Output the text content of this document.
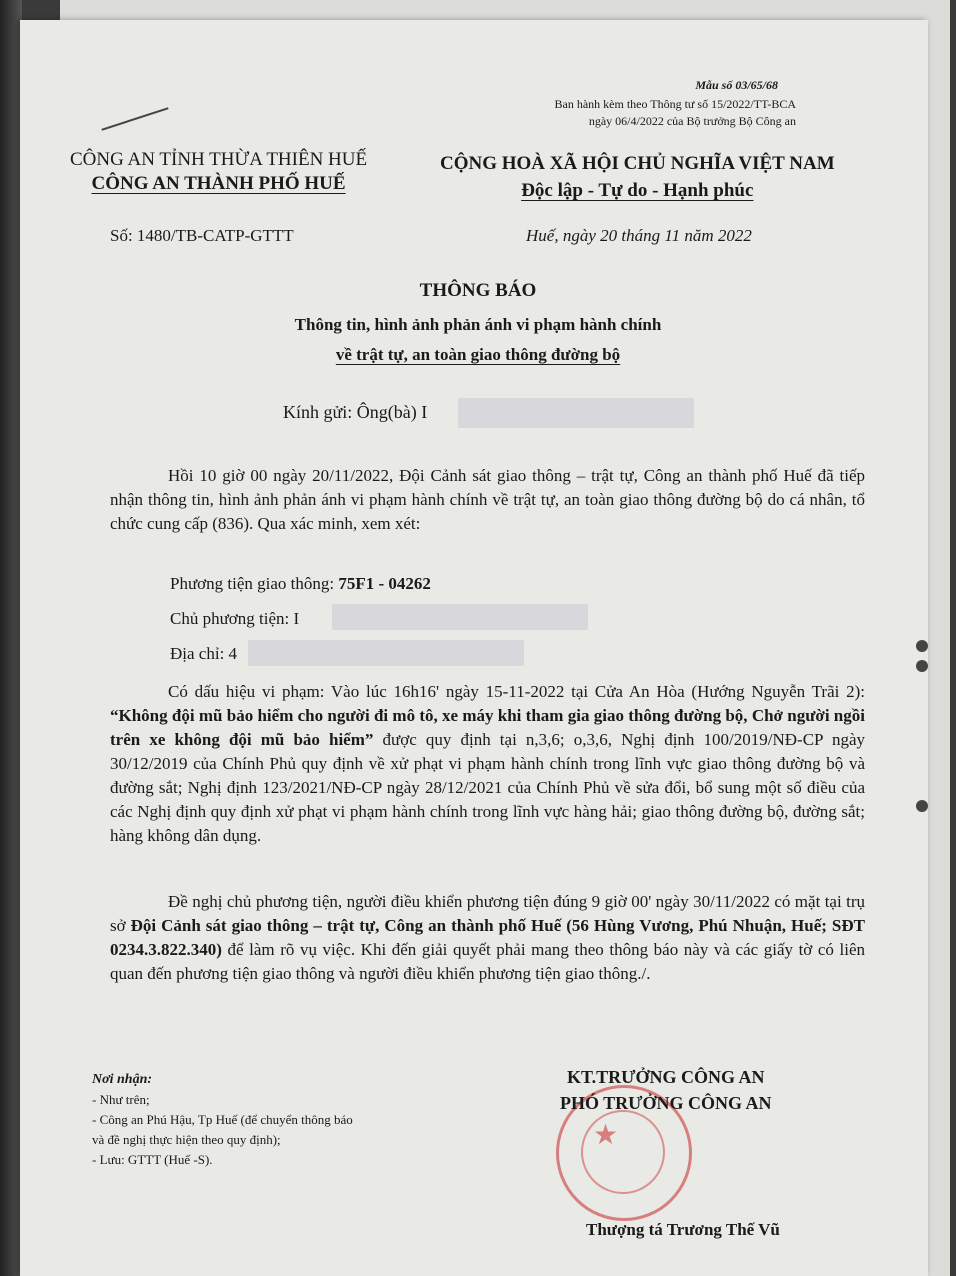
Mẫu số 03/65/68
Ban hành kèm theo Thông tư số 15/2022/TT-BCA
ngày 06/4/2022 của Bộ trưởng Bộ Công an
CÔNG AN TỈNH THỪA THIÊN HUẾ
CÔNG AN THÀNH PHỐ HUẾ
CỘNG HOÀ XÃ HỘI CHỦ NGHĨA VIỆT NAM
Độc lập - Tự do - Hạnh phúc
Số: 1480/TB-CATP-GTTT	Huế, ngày 20 tháng 11 năm 2022
THÔNG BÁO
Thông tin, hình ảnh phản ánh vi phạm hành chính
về trật tự, an toàn giao thông đường bộ
Kính gửi: Ông(bà) I
Hồi 10 giờ 00 ngày 20/11/2022, Đội Cảnh sát giao thông – trật tự, Công an thành phố Huế đã tiếp nhận thông tin, hình ảnh phản ánh vi phạm hành chính về trật tự, an toàn giao thông đường bộ do cá nhân, tổ chức cung cấp (836). Qua xác minh, xem xét:
Phương tiện giao thông: 75F1 - 04262
Chủ phương tiện: I
Địa chỉ: 4
Có dấu hiệu vi phạm: Vào lúc 16h16' ngày 15-11-2022 tại Cửa An Hòa (Hướng Nguyễn Trãi 2): “Không đội mũ bảo hiểm cho người đi mô tô, xe máy khi tham gia giao thông đường bộ, Chở người ngồi trên xe không đội mũ bảo hiểm” được quy định tại n,3,6; o,3,6, Nghị định 100/2019/NĐ-CP ngày 30/12/2019 của Chính Phủ quy định về xử phạt vi phạm hành chính trong lĩnh vực giao thông đường bộ và đường sắt; Nghị định 123/2021/NĐ-CP ngày 28/12/2021 của Chính Phủ về sửa đổi, bổ sung một số điều của các Nghị định quy định xử phạt vi phạm hành chính trong lĩnh vực hàng hải; giao thông đường bộ, đường sắt; hàng không dân dụng.
Đề nghị chủ phương tiện, người điều khiển phương tiện đúng 9 giờ 00' ngày 30/11/2022 có mặt tại trụ sở Đội Cảnh sát giao thông – trật tự, Công an thành phố Huế (56 Hùng Vương, Phú Nhuận, Huế; SĐT 0234.3.822.340) để làm rõ vụ việc. Khi đến giải quyết phải mang theo thông báo này và các giấy tờ có liên quan đến phương tiện giao thông và người điều khiển phương tiện giao thông./.
Nơi nhận:
- Như trên;
- Công an Phú Hậu, Tp Huế (để chuyển thông báo
và đề nghị thực hiện theo quy định);
- Lưu: GTTT (Huế -S).
★
KT.TRƯỞNG CÔNG AN
PHÓ TRƯỞNG CÔNG AN
Thượng tá Trương Thế Vũ
